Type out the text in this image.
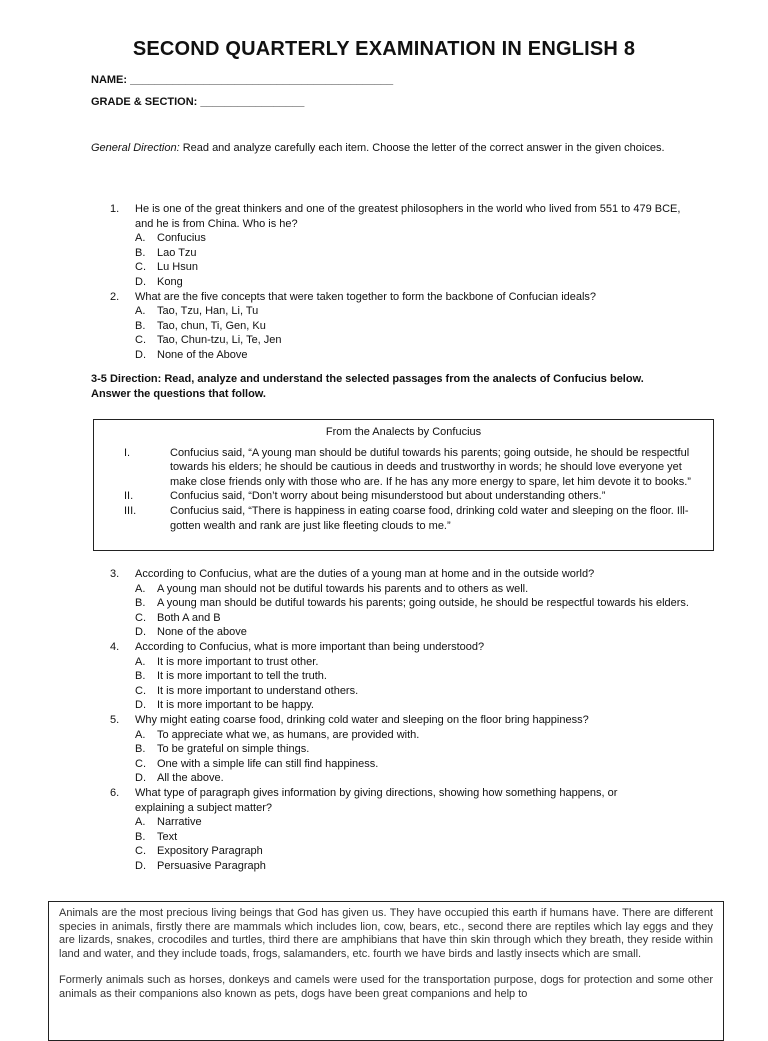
SECOND QUARTERLY EXAMINATION IN ENGLISH 8
NAME: ___________________________________________
GRADE & SECTION: _________________
General Direction: Read and analyze carefully each item. Choose the letter of the correct answer in the given choices.
1.	He is one of the great thinkers and one of the greatest philosophers in the world who lived from 551 to 479 BCE, and he is from China. Who is he?
A.	Confucius
B.	Lao Tzu
C.	Lu Hsun
D.	Kong
2.	What are the five concepts that were taken together to form the backbone of Confucian ideals?
A.	Tao, Tzu, Han, Li, Tu
B.	Tao, chun, Ti, Gen, Ku
C.	Tao, Chun-tzu, Li, Te, Jen
D.	None of the Above
3-5 Direction: Read, analyze and understand the selected passages from the analects of Confucius below. Answer the questions that follow.
From the Analects by Confucius
I.	Confucius said, “A young man should be dutiful towards his parents; going outside, he should be respectful towards his elders; he should be cautious in deeds and trustworthy in words; he should love everyone yet make close friends only with those who are. If he has any more energy to spare, let him devote it to books.”
II.	Confucius said, “Don’t worry about being misunderstood but about understanding others.”
III.	Confucius said, “There is happiness in eating coarse food, drinking cold water and sleeping on the floor. Ill-gotten wealth and rank are just like fleeting clouds to me.”
3.	According to Confucius, what are the duties of a young man at home and in the outside world?
A.	A young man should not be dutiful towards his parents and to others as well.
B.	A young man should be dutiful towards his parents; going outside, he should be respectful towards his elders.
C.	Both A and B
D.	None of the above
4.	According to Confucius, what is more important than being understood?
A.	It is more important to trust other.
B.	It is more important to tell the truth.
C.	It is more important to understand others.
D.	It is more important to be happy.
5.	Why might eating coarse food, drinking cold water and sleeping on the floor bring happiness?
A.	To appreciate what we, as humans, are provided with.
B.	To be grateful on simple things.
C.	One with a simple life can still find happiness.
D.	All the above.
6.	What type of paragraph gives information by giving directions, showing how something happens, or explaining a subject matter?
A.	Narrative
B.	Text
C.	Expository Paragraph
D.	Persuasive Paragraph

Animals are the most precious living beings that God has given us. They have occupied this earth if humans have. There are different species in animals, firstly there are mammals which includes lion, cow, bears, etc., second there are reptiles which lay eggs and they are lizards, snakes, crocodiles and turtles, third there are amphibians that have thin skin through which they breath, they reside within land and water, and they include toads, frogs, salamanders, etc. fourth we have birds and lastly insects which are small.

Formerly animals such as horses, donkeys and camels were used for the transportation purpose, dogs for protection and some other animals as their companions also known as pets, dogs have been great companions and help to
